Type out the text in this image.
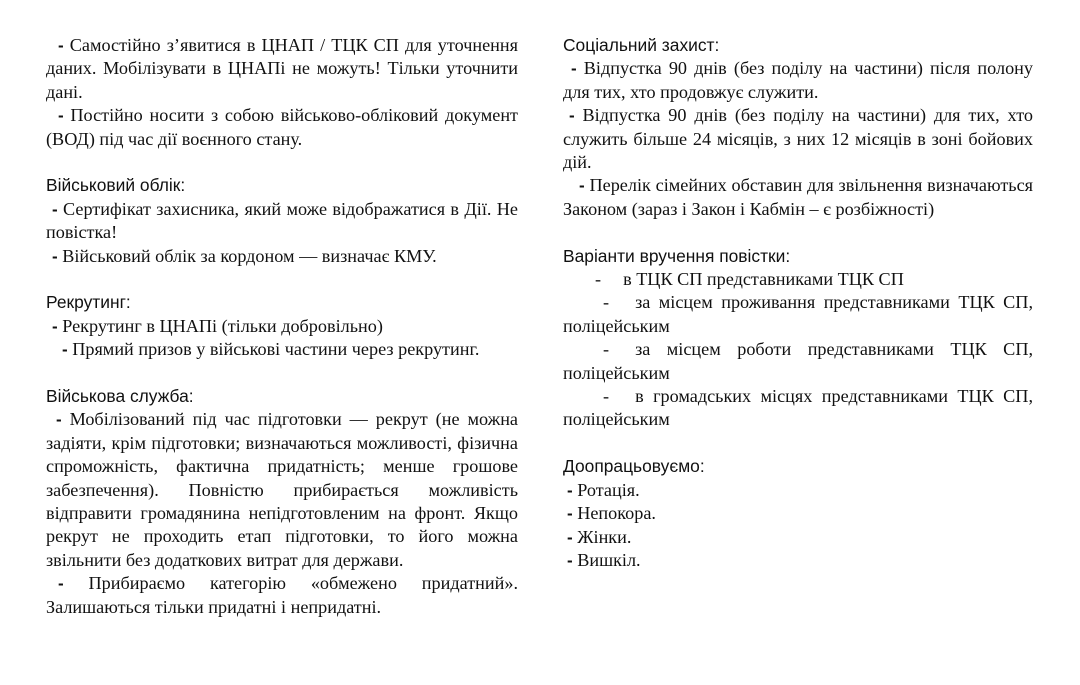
- Самостійно з’явитися в ЦНАП / ТЦК СП для уточнення даних. Мобілізувати в ЦНАПі не можуть! Тільки уточнити дані.

- Постійно носити з собою військово-обліковий документ (ВОД) під час дії воєнного стану.

Військовий облік:

- Сертифікат захисника, який може відображатися в Дії. Не повістка!

- Військовий облік за кордоном — визначає КМУ.

Рекрутинг:

- Рекрутинг в ЦНАПі (тільки добровільно)

- Прямий призов у військові частини через рекрутинг.

Військова служба:

- Мобілізований під час підготовки — рекрут (не можна задіяти, крім підготовки; визначаються можливості, фізична спроможність, фактична придатність; менше грошове забезпечення). Повністю прибирається можливість відправити громадянина непідготовленим на фронт. Якщо рекрут не проходить етап підготовки, то його можна звільнити без додаткових витрат для держави.

- Прибираємо категорію «обмежено придатний». Залишаються тільки придатні і непридатні.

Соціальний захист:

- Відпустка 90 днів (без поділу на частини) після полону для тих, хто продовжує служити.

- Відпустка 90 днів (без поділу на частини) для тих, хто служить більше 24 місяців, з них 12 місяців в зоні бойових дій.

- Перелік сімейних обставин для звільнення визначаються Законом (зараз і Закон і Кабмін – є розбіжності)

Варіанти вручення повістки:
- в ТЦК СП представниками ТЦК СП
- за місцем проживання представниками ТЦК СП, поліцейським
- за місцем роботи представниками ТЦК СП, поліцейським
- в громадських місцях представниками ТЦК СП, поліцейським
Доопрацьовуємо:

- Ротація.

- Непокора.

- Жінки.

- Вишкіл.
